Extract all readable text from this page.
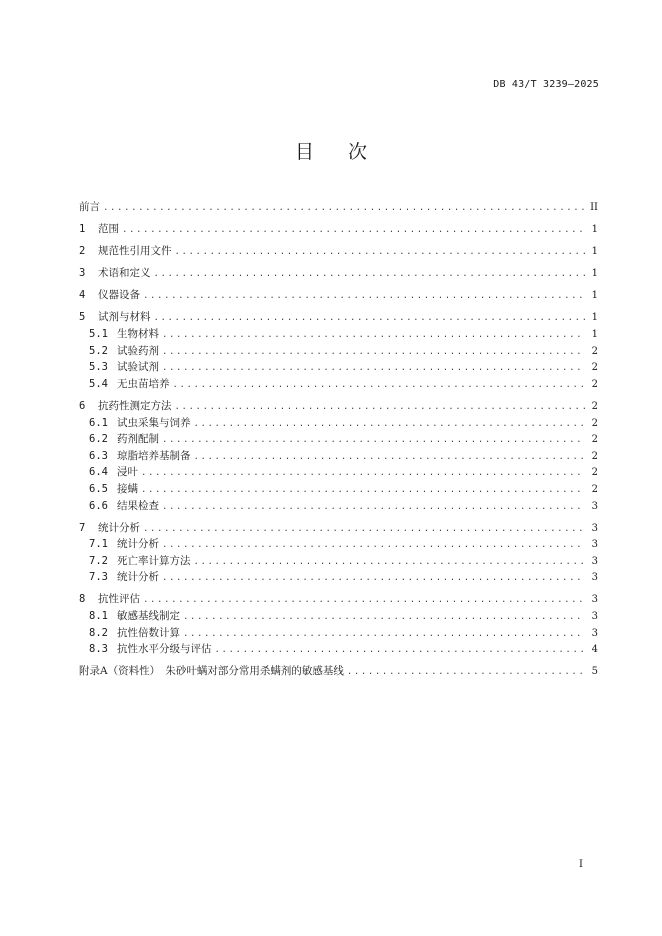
DB 43/T 3239—2025
目次
前言 .....	II
1	范围 .....	1
2	规范性引用文件 .....	1
3	术语和定义 .....	1
4	仪器设备 .....	1
5	试剂与材料 .....	1
5.1 生物材料 .....	1
5.2 试验药剂 .....	2
5.3 试验试剂 .....	2
5.4 无虫苗培养 .....	2
6	抗药性测定方法 .....	2
6.1 试虫采集与饲养 .....	2
6.2 药剂配制 .....	2
6.3 琼脂培养基制备 .....	2
6.4 浸叶 .....	2
6.5 接螨 .....	2
6.6 结果检查 .....	3
7	统计分析 .....	3
7.1 统计分析 .....	3
7.2 死亡率计算方法 .....	3
7.3 统计分析 .....	3
8	抗性评估 .....	3
8.1 敏感基线制定 .....	3
8.2 抗性倍数计算 .....	3
8.3 抗性水平分级与评估 .....	4
附录A（资料性）　朱砂叶螨对部分常用杀螨剂的敏感基线 .....	5
I
